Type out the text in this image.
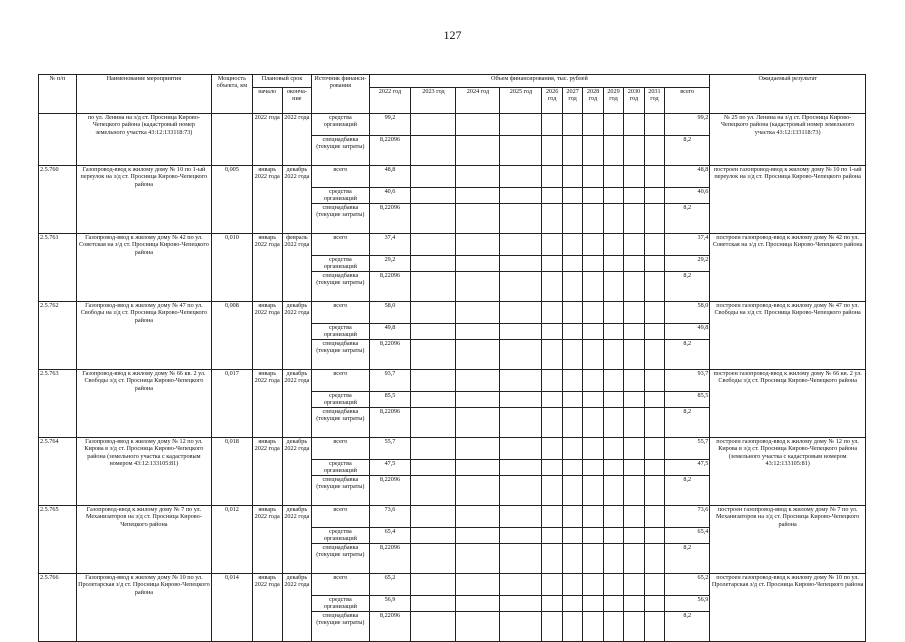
127
№ п/п	Наименование мероприятия	Мощность объекта, км	Плановый срок		Источник финанси-рования	Объем финансирования, тыс. рублей											Ожидаемый результат
			начало	оконча-ние		2022 год	2023 год	2024 год	2025 год	2026 год	2027 год	2028 год	2029 год	2030 год	2031 год	всего	
	по ул. Ленина на з/д ст. Просница Кирово-Чепецкого района (кадастровый номер земельного участка 43:12:133118:73)		2022 года	2022 года	средства организаций	99,2										99,2	№ 25 по ул. Ленина на з/д ст. Просница Кирово-Чепецкого района (кадастровый номер земельного участка 43:12:133118:73)
					спецнадбавка (текущие затраты)	8,22096										8,2	
2.5.760	Газопровод-ввод к жилому дому № 10 по 1-ый переулок на з/д ст. Просница Кирово-Чепецкого района	0,005	январь 2022 года	декабрь 2022 года	всего	48,8										48,8	построен газопровод-ввод к жилому дому № 10 по 1-ый переулок на з/д ст. Просница Кирово-Чепецкого района
					средства организаций	40,6										40,6	
					спецнадбавка (текущие затраты)	8,22096										8,2	
2.5.761	Газопровод-ввод к жилому дому № 42 по ул. Советская на з/д ст. Просница Кирово-Чепецкого района	0,010	январь 2022 года	февраль 2022 года	всего	37,4										37,4	построен газопровод-ввод к жилому дому № 42 по ул. Советская на з/д ст. Просница Кирово-Чепецкого района
					средства организаций	29,2										29,2	
					спецнадбавка (текущие затраты)	8,22096										8,2	
2.5.762	Газопровод-ввод к жилому дому № 47 по ул. Свободы на з/д ст. Просница Кирово-Чепецкого района	0,008	январь 2022 года	декабрь 2022 года	всего	58,0										58,0	построен газопровод-ввод к жилому дому № 47 по ул. Свободы на з/д ст. Просница Кирово-Чепецкого района
					средства организаций	49,8										49,8	
					спецнадбавка (текущие затраты)	8,22096										8,2	
2.5.763	Газопровод-ввод к жилому дому № 66 кв. 2 ул. Свободы з/д ст. Просница Кирово-Чепецкого района	0,017	январь 2022 года	декабрь 2022 года	всего	93,7										93,7	построен газопровод-ввод к жилому дому № 66 кв. 2 ул. Свободы з/д ст. Просница Кирово-Чепецкого района
					средства организаций	85,5										85,5	
					спецнадбавка (текущие затраты)	8,22096										8,2	
2.5.764	Газопровод-ввод к жилому дому № 12 по ул. Кирова в з/д ст. Просница Кирово-Чепецкого района (земельного участка с кадастровым номером 43:12:133105:81)	0,018	январь 2022 года	декабрь 2022 года	всего	55,7										55,7	построен газопровод-ввод к жилому дому № 12 по ул. Кирова в з/д ст. Просница Кирово-Чепецкого района (земельного участка с кадастровым номером 43:12:133105:81)
					средства организаций	47,5										47,5	
					спецнадбавка (текущие затраты)	8,22096										8,2	
2.5.765	Газопровод-ввод к жилому дому № 7 по ул. Механизаторов на з/д ст. Просница Кирово-Чепецкого района	0,012	январь 2022 года	декабрь 2022 года	всего	73,6										73,6	построен газопровод-ввод к жилому дому № 7 по ул. Механизаторов на з/д ст. Просница Кирово-Чепецкого района
					средства организаций	65,4										65,4	
					спецнадбавка (текущие затраты)	8,22096										8,2	
2.5.766	Газопровод-ввод к жилому дому № 10 по ул. Пролетарская з/д ст. Просница Кирово-Чепецкого района	0,014	январь 2022 года	декабрь 2022 года	всего	65,2										65,2	построен газопровод-ввод к жилому дому № 10 по ул. Пролетарская з/д ст. Просница Кирово-Чепецкого района
					средства организаций	56,9										56,9	
					спецнадбавка (текущие затраты)	8,22096										8,2	
